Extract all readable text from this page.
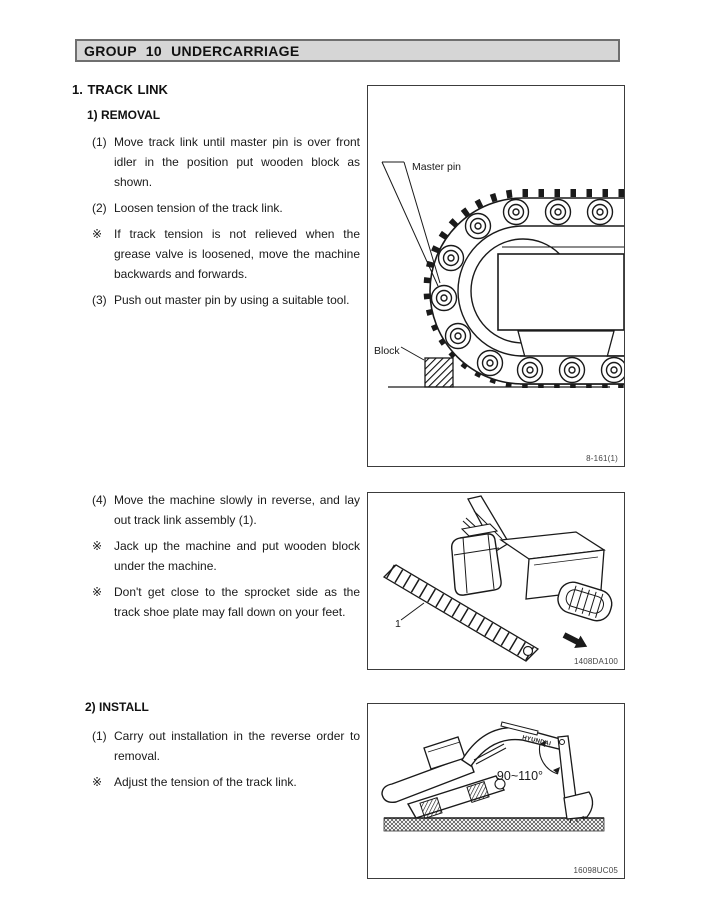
GROUP 10 UNDERCARRIAGE
1. TRACK LINK
1) REMOVAL
(1) Move track link until master pin is over front idler in the position put wooden block as shown.
(2) Loosen tension of the track link.
※ If track tension is not relieved when the grease valve is loosened, move the machine backwards and forwards.
(3) Push out master pin by using a suitable tool.
(4) Move the machine slowly in reverse, and lay out track link assembly (1).
※ Jack up the machine and put wooden block under the machine.
※ Don't get close to the sprocket side as the track shoe plate may fall down on your feet.
2) INSTALL
(1) Carry out installation in the reverse order to removal.
※ Adjust the tension of the track link.
Master pin
Block
8-161(1)
1
1408DA100
90~110°
HYUNDAI
16098UC05
